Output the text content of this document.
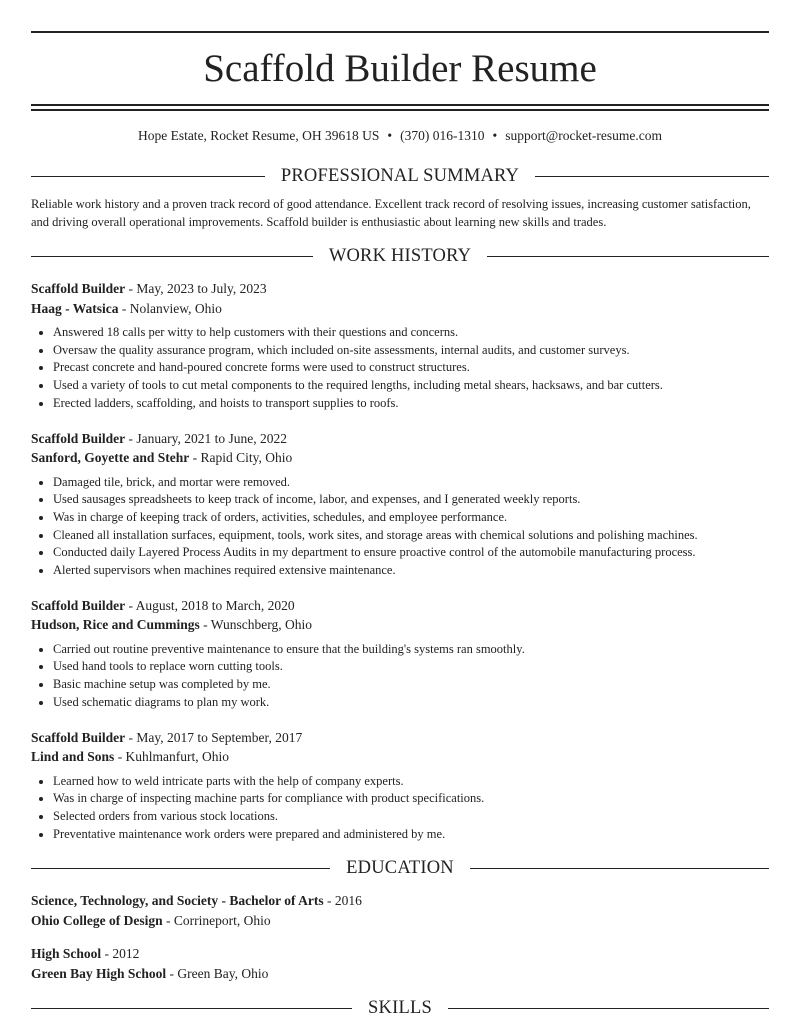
Scaffold Builder Resume
Hope Estate, Rocket Resume, OH 39618 US • (370) 016-1310 • support@rocket-resume.com
PROFESSIONAL SUMMARY

Reliable work history and a proven track record of good attendance. Excellent track record of resolving issues, increasing customer satisfaction, and driving overall operational improvements. Scaffold builder is enthusiastic about learning new skills and trades.

WORK HISTORY
Scaffold Builder - May, 2023 to July, 2023
Haag - Watsica - Nolanview, Ohio
• Answered 18 calls per witty to help customers with their questions and concerns.
• Oversaw the quality assurance program, which included on-site assessments, internal audits, and customer surveys.
• Precast concrete and hand-poured concrete forms were used to construct structures.
• Used a variety of tools to cut metal components to the required lengths, including metal shears, hacksaws, and bar cutters.
• Erected ladders, scaffolding, and hoists to transport supplies to roofs.
Scaffold Builder - January, 2021 to June, 2022
Sanford, Goyette and Stehr - Rapid City, Ohio
• Damaged tile, brick, and mortar were removed.
• Used sausages spreadsheets to keep track of income, labor, and expenses, and I generated weekly reports.
• Was in charge of keeping track of orders, activities, schedules, and employee performance.
• Cleaned all installation surfaces, equipment, tools, work sites, and storage areas with chemical solutions and polishing machines.
• Conducted daily Layered Process Audits in my department to ensure proactive control of the automobile manufacturing process.
• Alerted supervisors when machines required extensive maintenance.
Scaffold Builder - August, 2018 to March, 2020
Hudson, Rice and Cummings - Wunschberg, Ohio
• Carried out routine preventive maintenance to ensure that the building's systems ran smoothly.
• Used hand tools to replace worn cutting tools.
• Basic machine setup was completed by me.
• Used schematic diagrams to plan my work.
Scaffold Builder - May, 2017 to September, 2017
Lind and Sons - Kuhlmanfurt, Ohio
• Learned how to weld intricate parts with the help of company experts.
• Was in charge of inspecting machine parts for compliance with product specifications.
• Selected orders from various stock locations.
• Preventative maintenance work orders were prepared and administered by me.
EDUCATION
Science, Technology, and Society - Bachelor of Arts - 2016
Ohio College of Design - Corrineport, Ohio
High School - 2012
Green Bay High School - Green Bay, Ohio
SKILLS
